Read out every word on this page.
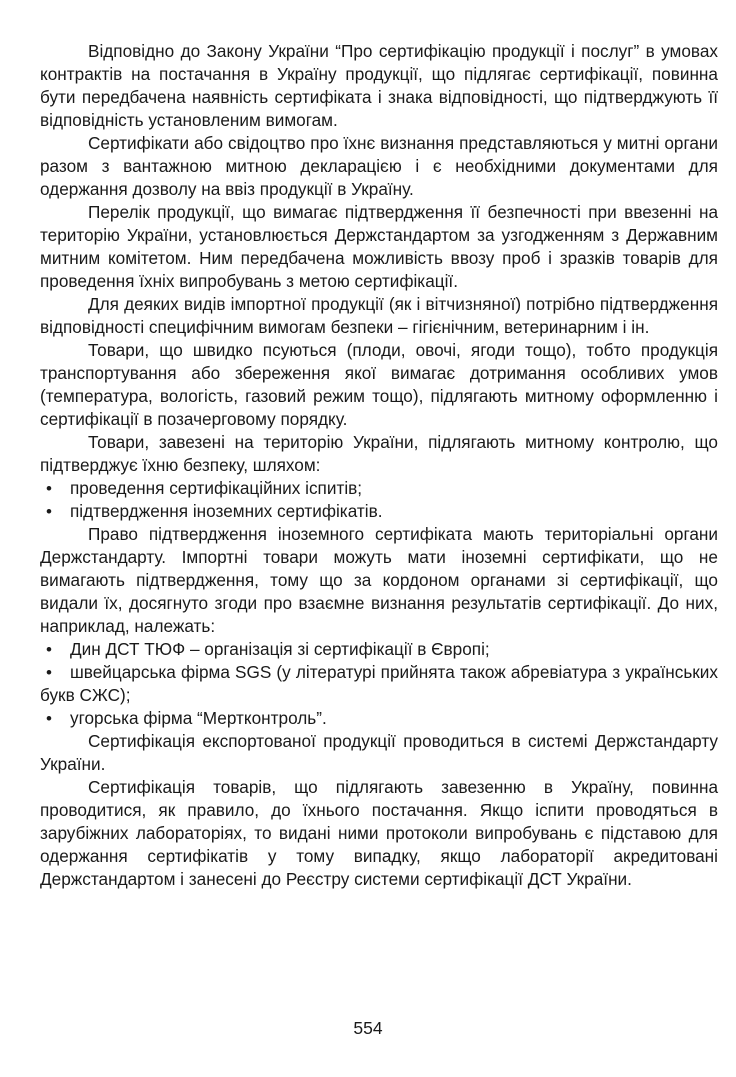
Відповідно до Закону України “Про сертифікацію продукції і послуг” в умовах контрактів на постачання в Україну продукції, що підлягає сертифікації, повинна бути передбачена наявність сертифіката і знака відповідності, що підтверджують її відповідність установленим вимогам.

Сертифікати або свідоцтво про їхнє визнання представляються у митні органи разом з вантажною митною декларацією і є необхідними документами для одержання дозволу на ввіз продукції в Україну.

Перелік продукції, що вимагає підтвердження її безпечності при ввезенні на територію України, установлюється Держстандартом за узгодженням з Державним митним комітетом. Ним передбачена можливість ввозу проб і зразків товарів для проведення їхніх випробувань з метою сертифікації.

Для деяких видів імпортної продукції (як і вітчизняної) потрібно підтвердження відповідності специфічним вимогам безпеки – гігієнічним, ветеринарним і ін.

Товари, що швидко псуються (плоди, овочі, ягоди тощо), тобто продукція транспортування або збереження якої вимагає дотримання особливих умов (температура, вологість, газовий режим тощо), підлягають митному оформленню і сертифікації в позачерговому порядку.

Товари, завезені на територію України, підлягають митному контролю, що підтверджує їхню безпеку, шляхом:

• проведення сертифікаційних іспитів;
• підтвердження іноземних сертифікатів.

Право підтвердження іноземного сертифіката мають територіальні органи Держстандарту. Імпортні товари можуть мати іноземні сертифікати, що не вимагають підтвердження, тому що за кордоном органами зі сертифікації, що видали їх, досягнуто згоди про взаємне визнання результатів сертифікації. До них, наприклад, належать:

• Дин ДСТ ТЮФ – організація зі сертифікації в Європі;
• швейцарська фірма SGS (у літературі прийнята також абревіатура з українських букв СЖС);
• угорська фірма “Мертконтроль”.

Сертифікація експортованої продукції проводиться в системі Держстандарту України.

Сертифікація товарів, що підлягають завезенню в Україну, повинна проводитися, як правило, до їхнього постачання. Якщо іспити проводяться в зарубіжних лабораторіях, то видані ними протоколи випробувань є підставою для одержання сертифікатів у тому випадку, якщо лабораторії акредитовані Держстандартом і занесені до Реєстру системи сертифікації ДСТ України.

554
